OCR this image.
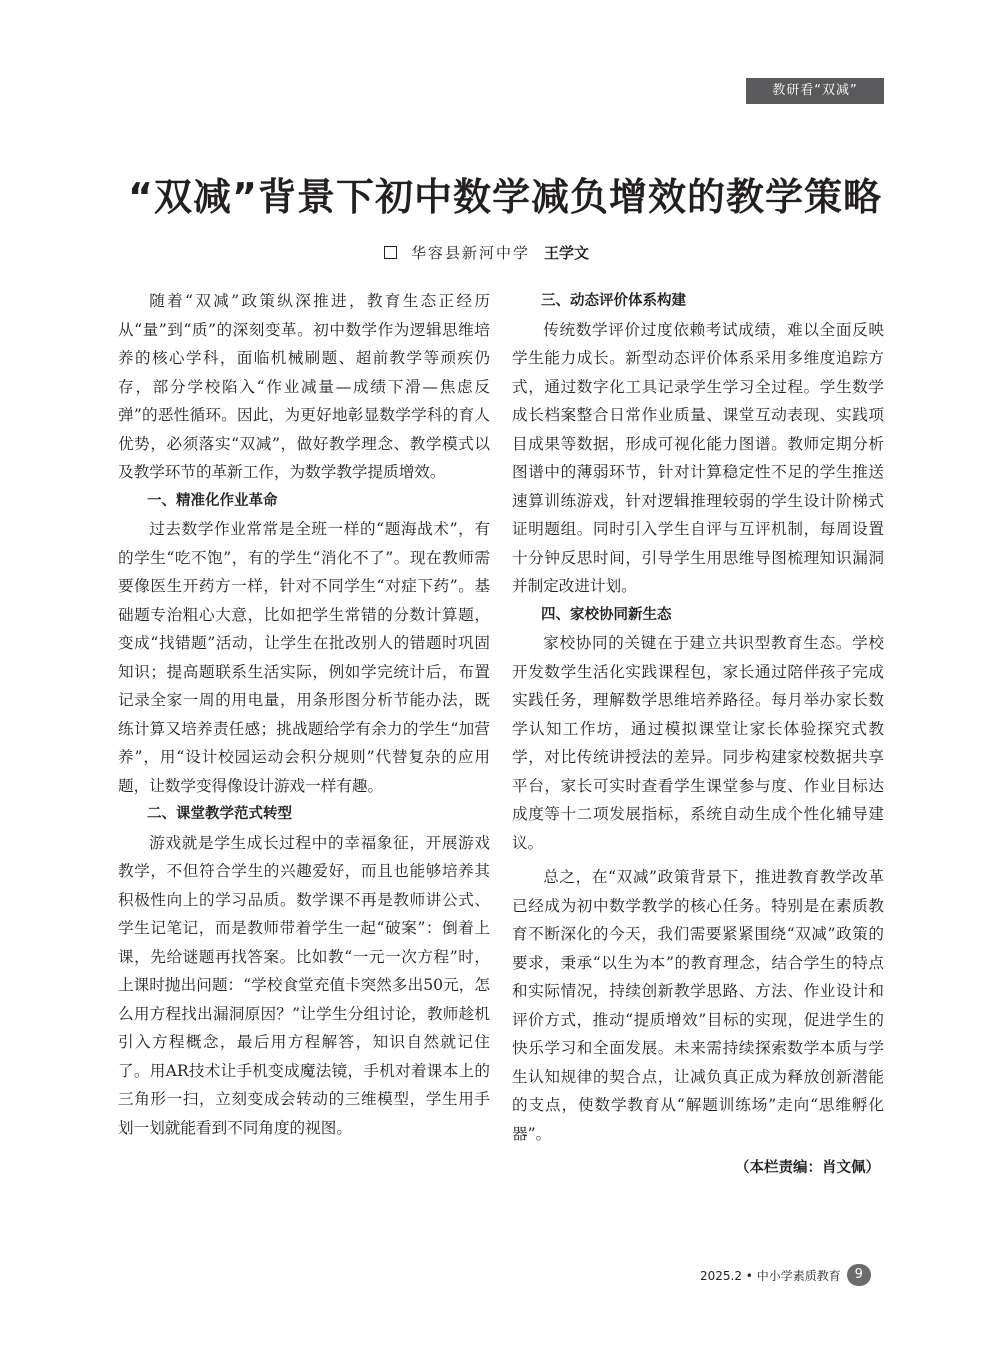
教研看“双减”
“双减”背景下初中数学减负增效的教学策略
华容县新河中学 王学文

随着“双减”政策纵深推进，教育生态正经历从“量”到“质”的深刻变革。初中数学作为逻辑思维培养的核心学科，面临机械刷题、超前教学等顽疾仍存，部分学校陷入“作业减量—成绩下滑—焦虑反弹”的恶性循环。因此，为更好地彰显数学学科的育人优势，必须落实“双减”，做好教学理念、教学模式以及教学环节的革新工作，为数学教学提质增效。

一、精准化作业革命

过去数学作业常常是全班一样的“题海战术”，有的学生“吃不饱”，有的学生“消化不了”。现在教师需要像医生开药方一样，针对不同学生“对症下药”。基础题专治粗心大意，比如把学生常错的分数计算题，变成“找错题”活动，让学生在批改别人的错题时巩固知识；提高题联系生活实际，例如学完统计后，布置记录全家一周的用电量，用条形图分析节能办法，既练计算又培养责任感；挑战题给学有余力的学生“加营养”，用“设计校园运动会积分规则”代替复杂的应用题，让数学变得像设计游戏一样有趣。

二、课堂教学范式转型

游戏就是学生成长过程中的幸福象征，开展游戏教学，不但符合学生的兴趣爱好，而且也能够培养其积极性向上的学习品质。数学课不再是教师讲公式、学生记笔记，而是教师带着学生一起“破案”：倒着上课，先给谜题再找答案。比如教“一元一次方程”时，上课时抛出问题：“学校食堂充值卡突然多出50元，怎么用方程找出漏洞原因？”让学生分组讨论，教师趁机引入方程概念，最后用方程解答，知识自然就记住了。用AR技术让手机变成魔法镜，手机对着课本上的三角形一扫，立刻变成会转动的三维模型，学生用手划一划就能看到不同角度的视图。

三、动态评价体系构建

传统数学评价过度依赖考试成绩，难以全面反映学生能力成长。新型动态评价体系采用多维度追踪方式，通过数字化工具记录学生学习全过程。学生数学成长档案整合日常作业质量、课堂互动表现、实践项目成果等数据，形成可视化能力图谱。教师定期分析图谱中的薄弱环节，针对计算稳定性不足的学生推送速算训练游戏，针对逻辑推理较弱的学生设计阶梯式证明题组。同时引入学生自评与互评机制，每周设置十分钟反思时间，引导学生用思维导图梳理知识漏洞并制定改进计划。

四、家校协同新生态

家校协同的关键在于建立共识型教育生态。学校开发数学生活化实践课程包，家长通过陪伴孩子完成实践任务，理解数学思维培养路径。每月举办家长数学认知工作坊，通过模拟课堂让家长体验探究式教学，对比传统讲授法的差异。同步构建家校数据共享平台，家长可实时查看学生课堂参与度、作业目标达成度等十二项发展指标，系统自动生成个性化辅导建议。

总之，在“双减”政策背景下，推进教育教学改革已经成为初中数学教学的核心任务。特别是在素质教育不断深化的今天，我们需要紧紧围绕“双减”政策的要求，秉承“以生为本”的教育理念，结合学生的特点和实际情况，持续创新教学思路、方法、作业设计和评价方式，推动“提质增效”目标的实现，促进学生的快乐学习和全面发展。未来需持续探索数学本质与学生认知规律的契合点，让减负真正成为释放创新潜能的支点，使数学教育从“解题训练场”走向“思维孵化器”。

（本栏责编：肖文佩）
2025.2 • 中小学素质教育	9
